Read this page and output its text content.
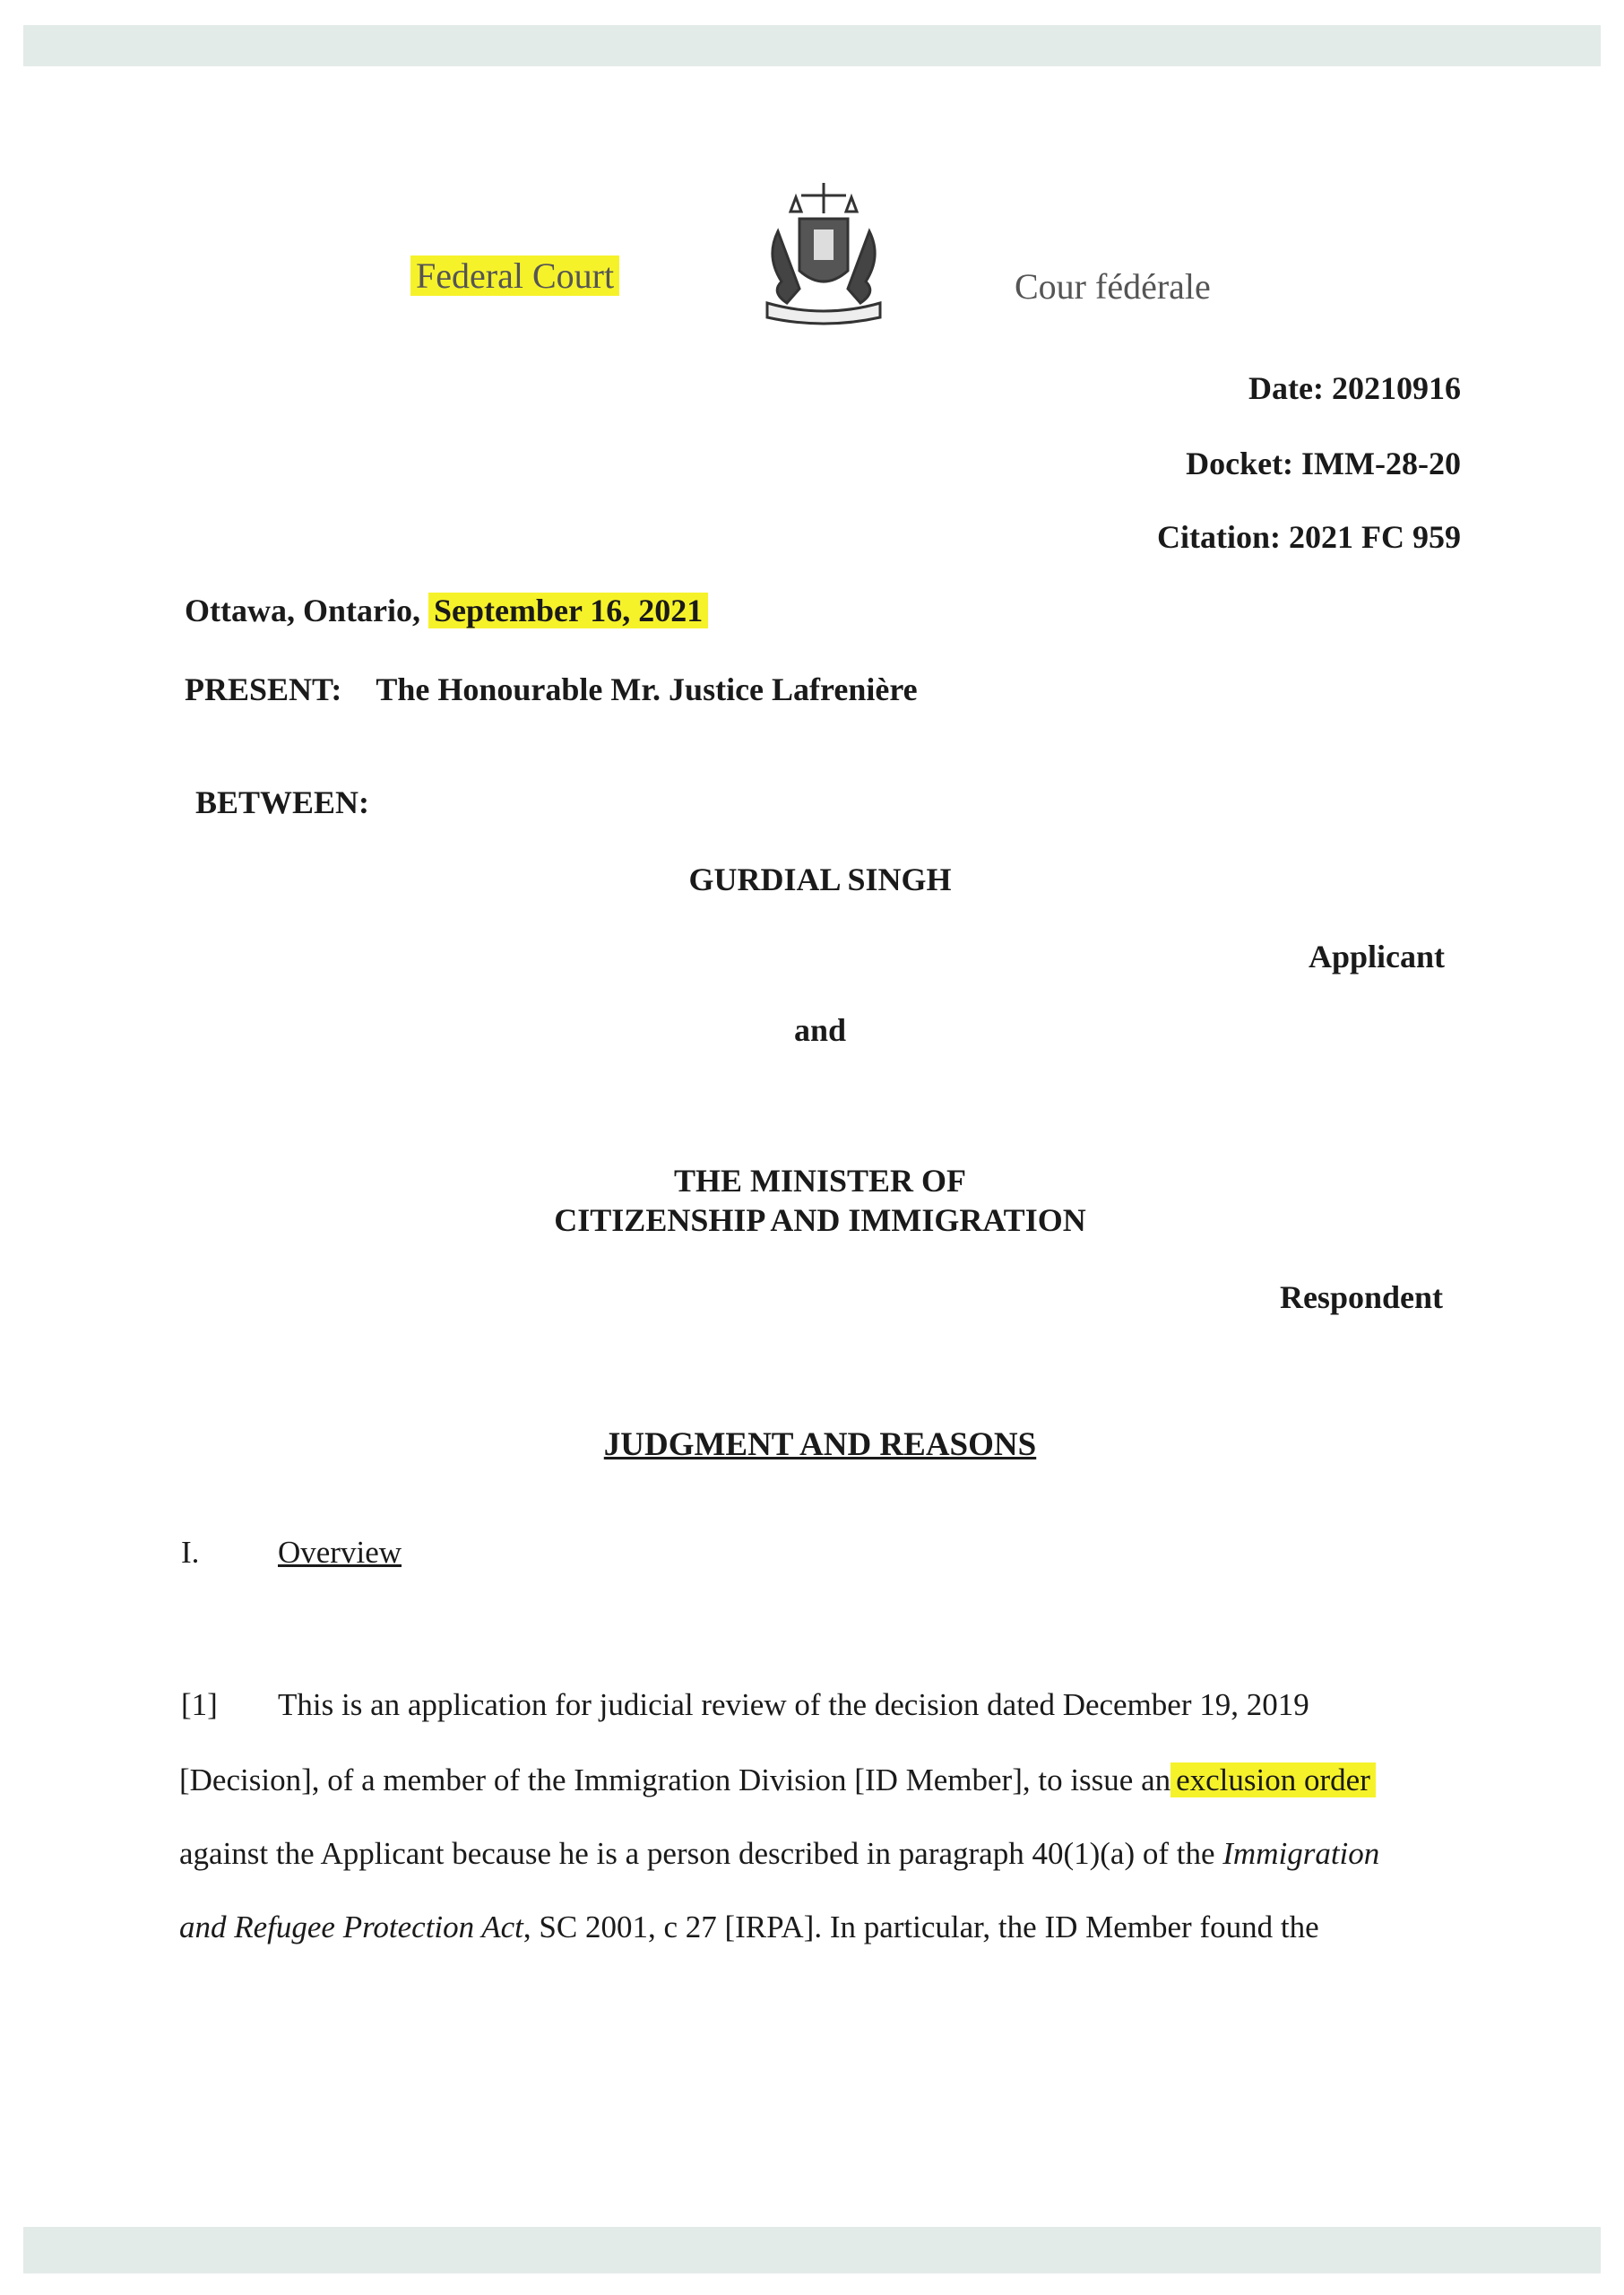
Federal Court	Cour fédérale
Date: 20210916
Docket: IMM-28-20
Citation: 2021 FC 959
Ottawa, Ontario, September 16, 2021
PRESENT: The Honourable Mr. Justice Lafrenière
BETWEEN:
GURDIAL SINGH
Applicant
and
THE MINISTER OF
CITIZENSHIP AND IMMIGRATION
Respondent
JUDGMENT AND REASONS
I.	Overview
[1] This is an application for judicial review of the decision dated December 19, 2019
[Decision], of a member of the Immigration Division [ID Member], to issue an exclusion order
against the Applicant because he is a person described in paragraph 40(1)(a) of the Immigration
and Refugee Protection Act, SC 2001, c 27 [IRPA]. In particular, the ID Member found the
